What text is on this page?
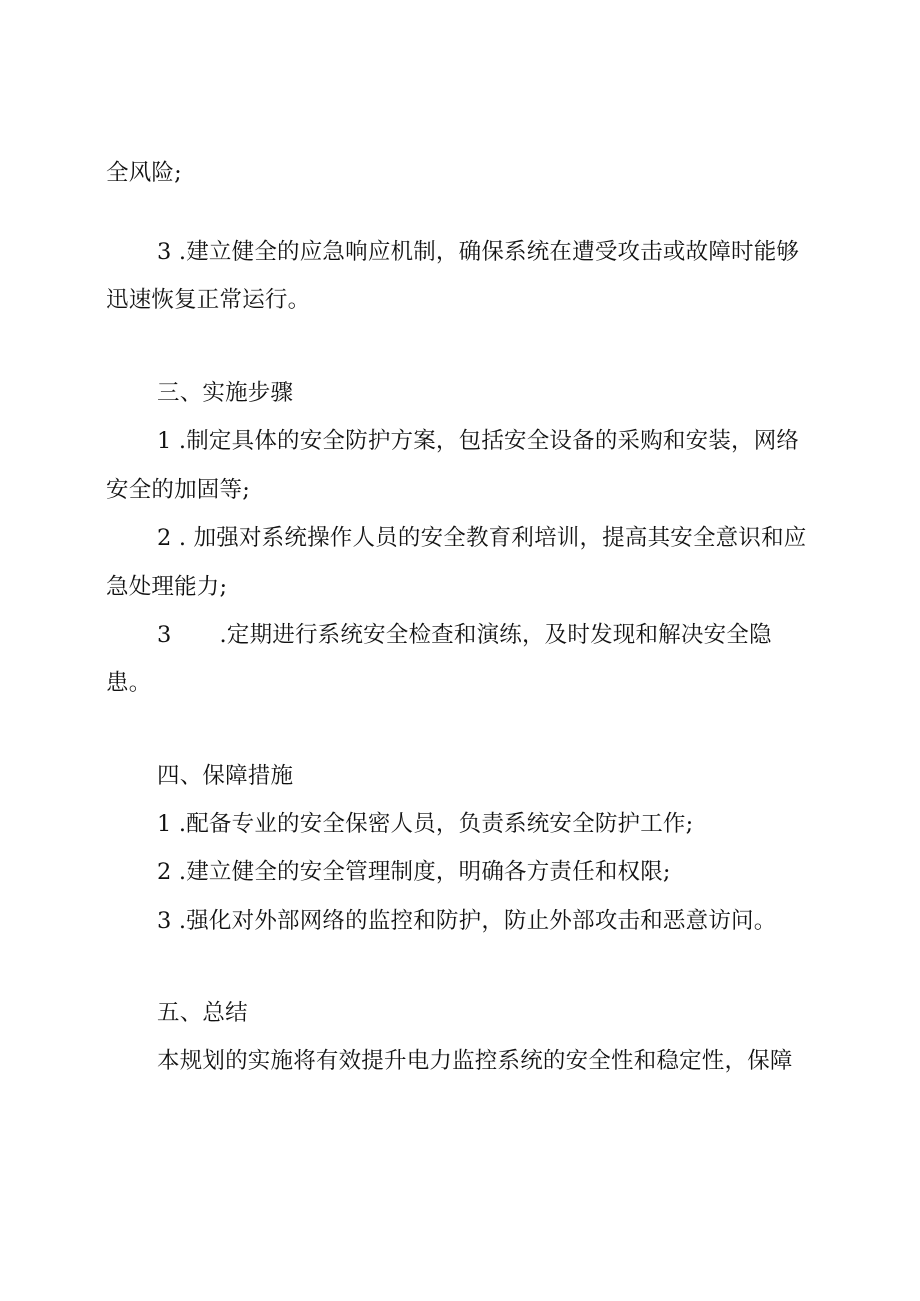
全风险;
3 .建立健全的应急响应机制，确保系统在遭受攻击或故障时能够
迅速恢复正常运行。
三、实施步骤
1 .制定具体的安全防护方案，包括安全设备的采购和安装，网络
安全的加固等;
2 . 加强对系统操作人员的安全教育利培训，提高其安全意识和应
急处理能力;
3 .定期进行系统安全检查和演练，及时发现和解决安全隐
患。
四、保障措施
1 .配备专业的安全保密人员，负责系统安全防护工作;
2 .建立健全的安全管理制度，明确各方责任和权限;
3 .强化对外部网络的监控和防护，防止外部攻击和恶意访问。
五、总结
本规划的实施将有效提升电力监控系统的安全性和稳定性，保障
